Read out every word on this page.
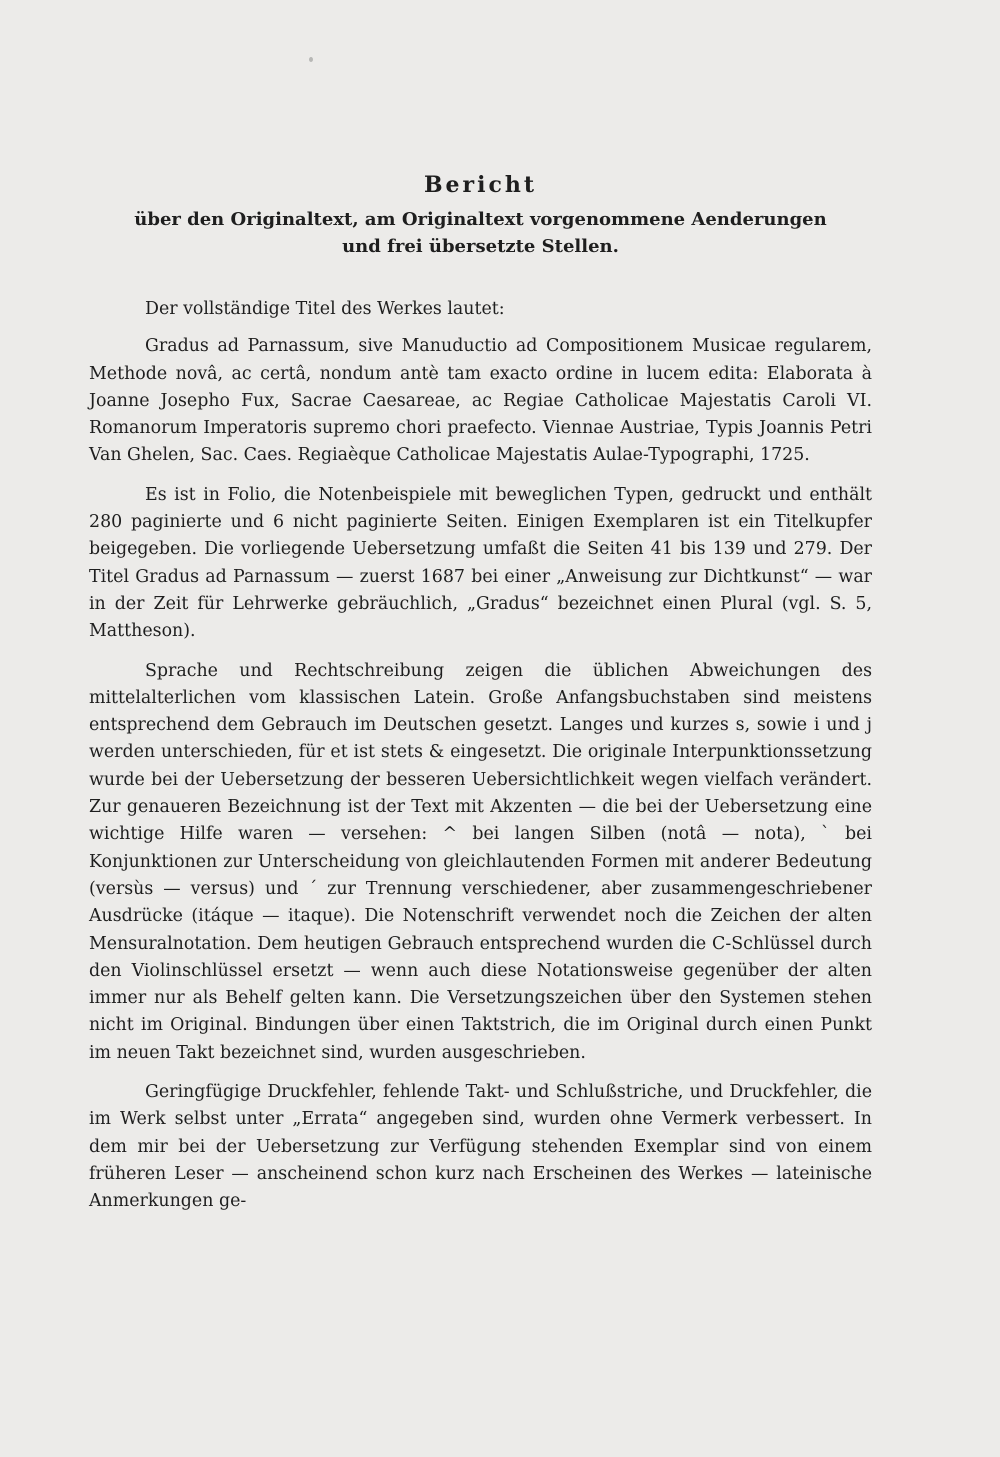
Bericht

über den Originaltext, am Originaltext vorgenommene Aenderungen
und frei übersetzte Stellen.

Der vollständige Titel des Werkes lautet:

Gradus ad Parnassum, sive Manuductio ad Compositionem Musicae regularem, Methode novâ, ac certâ, nondum antè tam exacto ordine in lucem edita: Elaborata à Joanne Josepho Fux, Sacrae Caesareae, ac Regiae Catholicae Majestatis Caroli VI. Romanorum Imperatoris supremo chori praefecto. Viennae Austriae, Typis Joannis Petri Van Ghelen, Sac. Caes. Regiaèque Catholicae Majestatis Aulae-Typographi, 1725.

Es ist in Folio, die Notenbeispiele mit beweglichen Typen, gedruckt und enthält 280 paginierte und 6 nicht paginierte Seiten. Einigen Exemplaren ist ein Titelkupfer beigegeben. Die vorliegende Uebersetzung umfaßt die Seiten 41 bis 139 und 279. Der Titel Gradus ad Parnassum — zuerst 1687 bei einer „Anweisung zur Dichtkunst“ — war in der Zeit für Lehrwerke gebräuchlich, „Gradus“ bezeichnet einen Plural (vgl. S. 5, Mattheson).

Sprache und Rechtschreibung zeigen die üblichen Abweichungen des mittelalterlichen vom klassischen Latein. Große Anfangsbuchstaben sind meistens entsprechend dem Gebrauch im Deutschen gesetzt. Langes und kurzes s, sowie i und j werden unterschieden, für et ist stets & eingesetzt. Die originale Interpunktionssetzung wurde bei der Uebersetzung der besseren Uebersichtlichkeit wegen vielfach verändert. Zur genaueren Bezeichnung ist der Text mit Akzenten — die bei der Uebersetzung eine wichtige Hilfe waren — versehen: ^ bei langen Silben (notâ — nota), ` bei Konjunktionen zur Unterscheidung von gleichlautenden Formen mit anderer Bedeutung (versùs — versus) und ´ zur Trennung verschiedener, aber zusammengeschriebener Ausdrücke (itáque — itaque). Die Notenschrift verwendet noch die Zeichen der alten Mensuralnotation. Dem heutigen Gebrauch entsprechend wurden die C-Schlüssel durch den Violinschlüssel ersetzt — wenn auch diese Notationsweise gegenüber der alten immer nur als Behelf gelten kann. Die Versetzungszeichen über den Systemen stehen nicht im Original. Bindungen über einen Taktstrich, die im Original durch einen Punkt im neuen Takt bezeichnet sind, wurden ausgeschrieben.

Geringfügige Druckfehler, fehlende Takt- und Schlußstriche, und Druckfehler, die im Werk selbst unter „Errata“ angegeben sind, wurden ohne Vermerk verbessert. In dem mir bei der Uebersetzung zur Verfügung stehenden Exemplar sind von einem früheren Leser — anscheinend schon kurz nach Erscheinen des Werkes — lateinische Anmerkungen ge-
